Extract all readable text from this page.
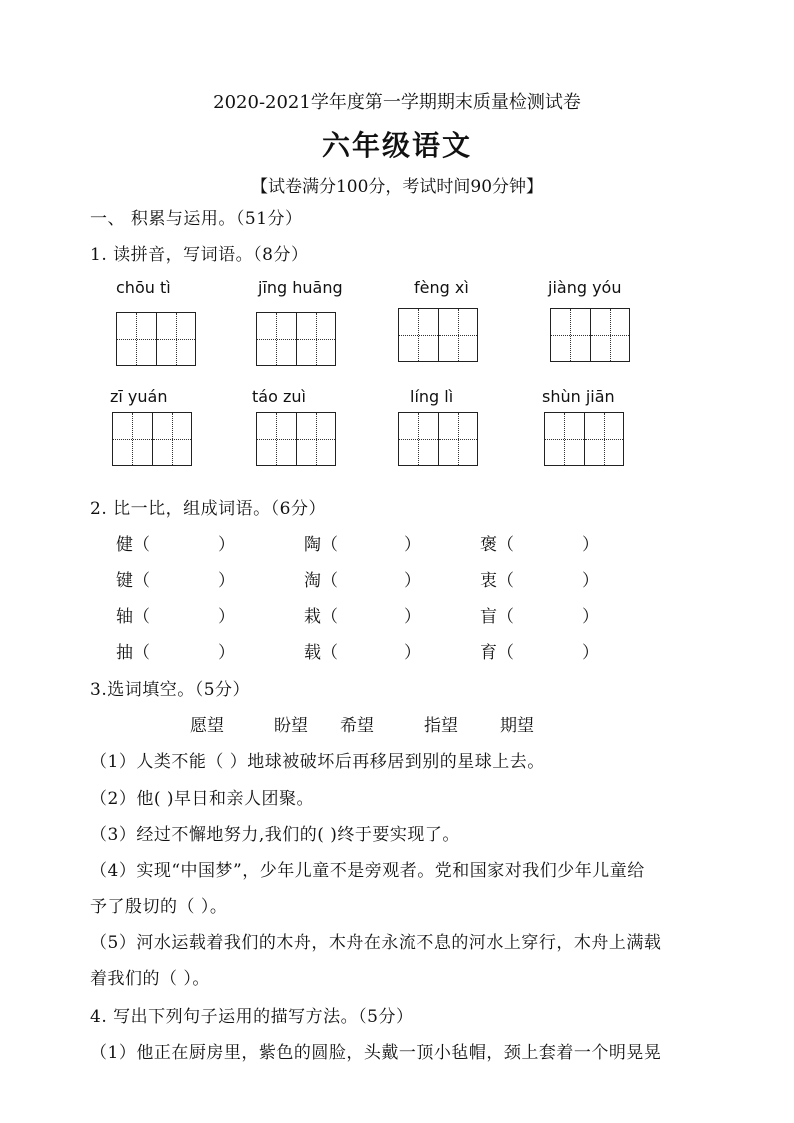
2020-2021学年度第一学期期末质量检测试卷
六年级语文
【试卷满分100分，考试时间90分钟】
一、 积累与运用。（51分）
1. 读拼音，写词语。（8分）
chōu tì	jīng huāng	fèng xì	jiàng yóu
zī yuán	táo zuì	líng lì	shùn jiān
2. 比一比，组成词语。（6分）
健（	）	陶（	）	褒（	）
键（	）	淘（	）	衷（	）
轴（	）	栽（	）	盲（	）
抽（	）	载（	）	育（	）
3.选词填空。（5分）
愿望	盼望 希望	指望 期望
（1）人类不能（ ）地球被破坏后再移居到别的星球上去。
（2）他( )早日和亲人团聚。
（3）经过不懈地努力,我们的( )终于要实现了。
（4）实现“中国梦”，少年儿童不是旁观者。党和国家对我们少年儿童给
予了殷切的（ ）。
（5）河水运载着我们的木舟，木舟在永流不息的河水上穿行，木舟上满载
着我们的（ ）。
4. 写出下列句子运用的描写方法。（5分）
（1）他正在厨房里，紫色的圆脸，头戴一顶小毡帽，颈上套着一个明晃晃
